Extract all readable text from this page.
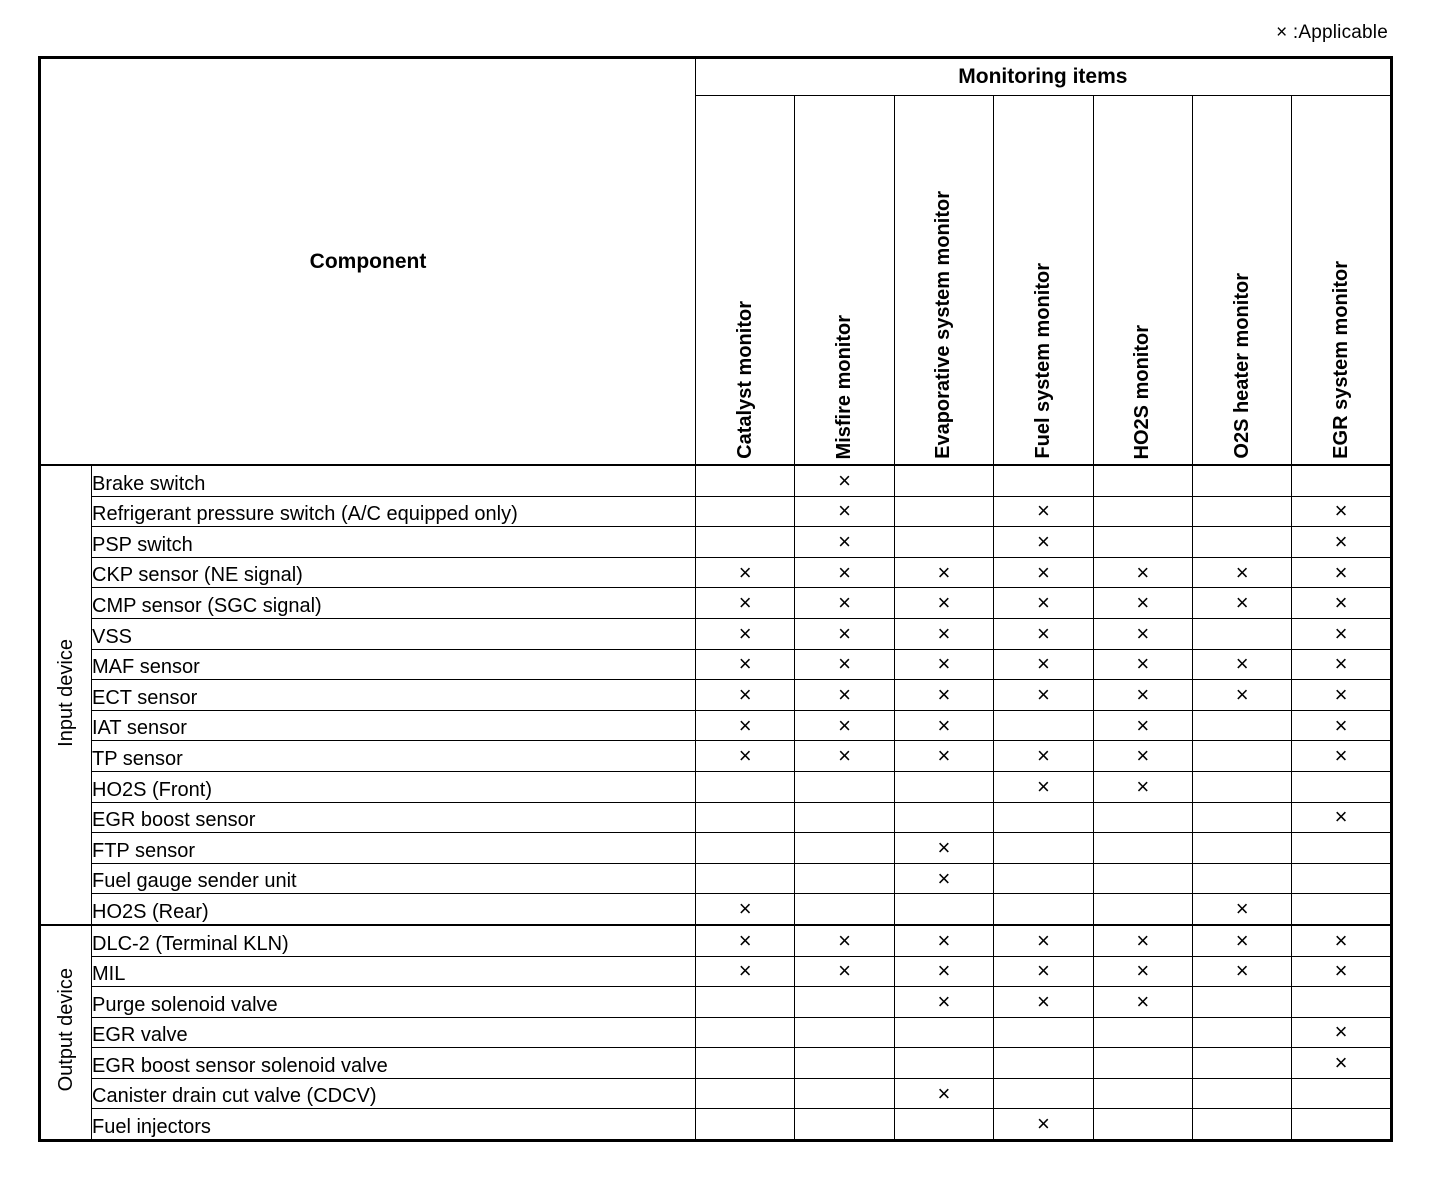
× :Applicable
Component		Monitoring items						
		Catalyst monitor	Misfire monitor	Evaporative system monitor	Fuel system monitor	HO2S monitor	O2S heater monitor	EGR system monitor
Input device	Brake switch		×					
	Refrigerant pressure switch (A/C equipped only)		×		×			×
	PSP switch		×		×			×
	CKP sensor (NE signal)	×	×	×	×	×	×	×
	CMP sensor (SGC signal)	×	×	×	×	×	×	×
	VSS	×	×	×	×	×		×
	MAF sensor	×	×	×	×	×	×	×
	ECT sensor	×	×	×	×	×	×	×
	IAT sensor	×	×	×		×		×
	TP sensor	×	×	×	×	×		×
	HO2S (Front)				×	×		
	EGR boost sensor							×
	FTP sensor			×				
	Fuel gauge sender unit			×				
	HO2S (Rear)	×					×	
Output device	DLC-2 (Terminal KLN)	×	×	×	×	×	×	×
	MIL	×	×	×	×	×	×	×
	Purge solenoid valve			×	×	×		
	EGR valve							×
	EGR boost sensor solenoid valve							×
	Canister drain cut valve (CDCV)			×				
	Fuel injectors				×			
